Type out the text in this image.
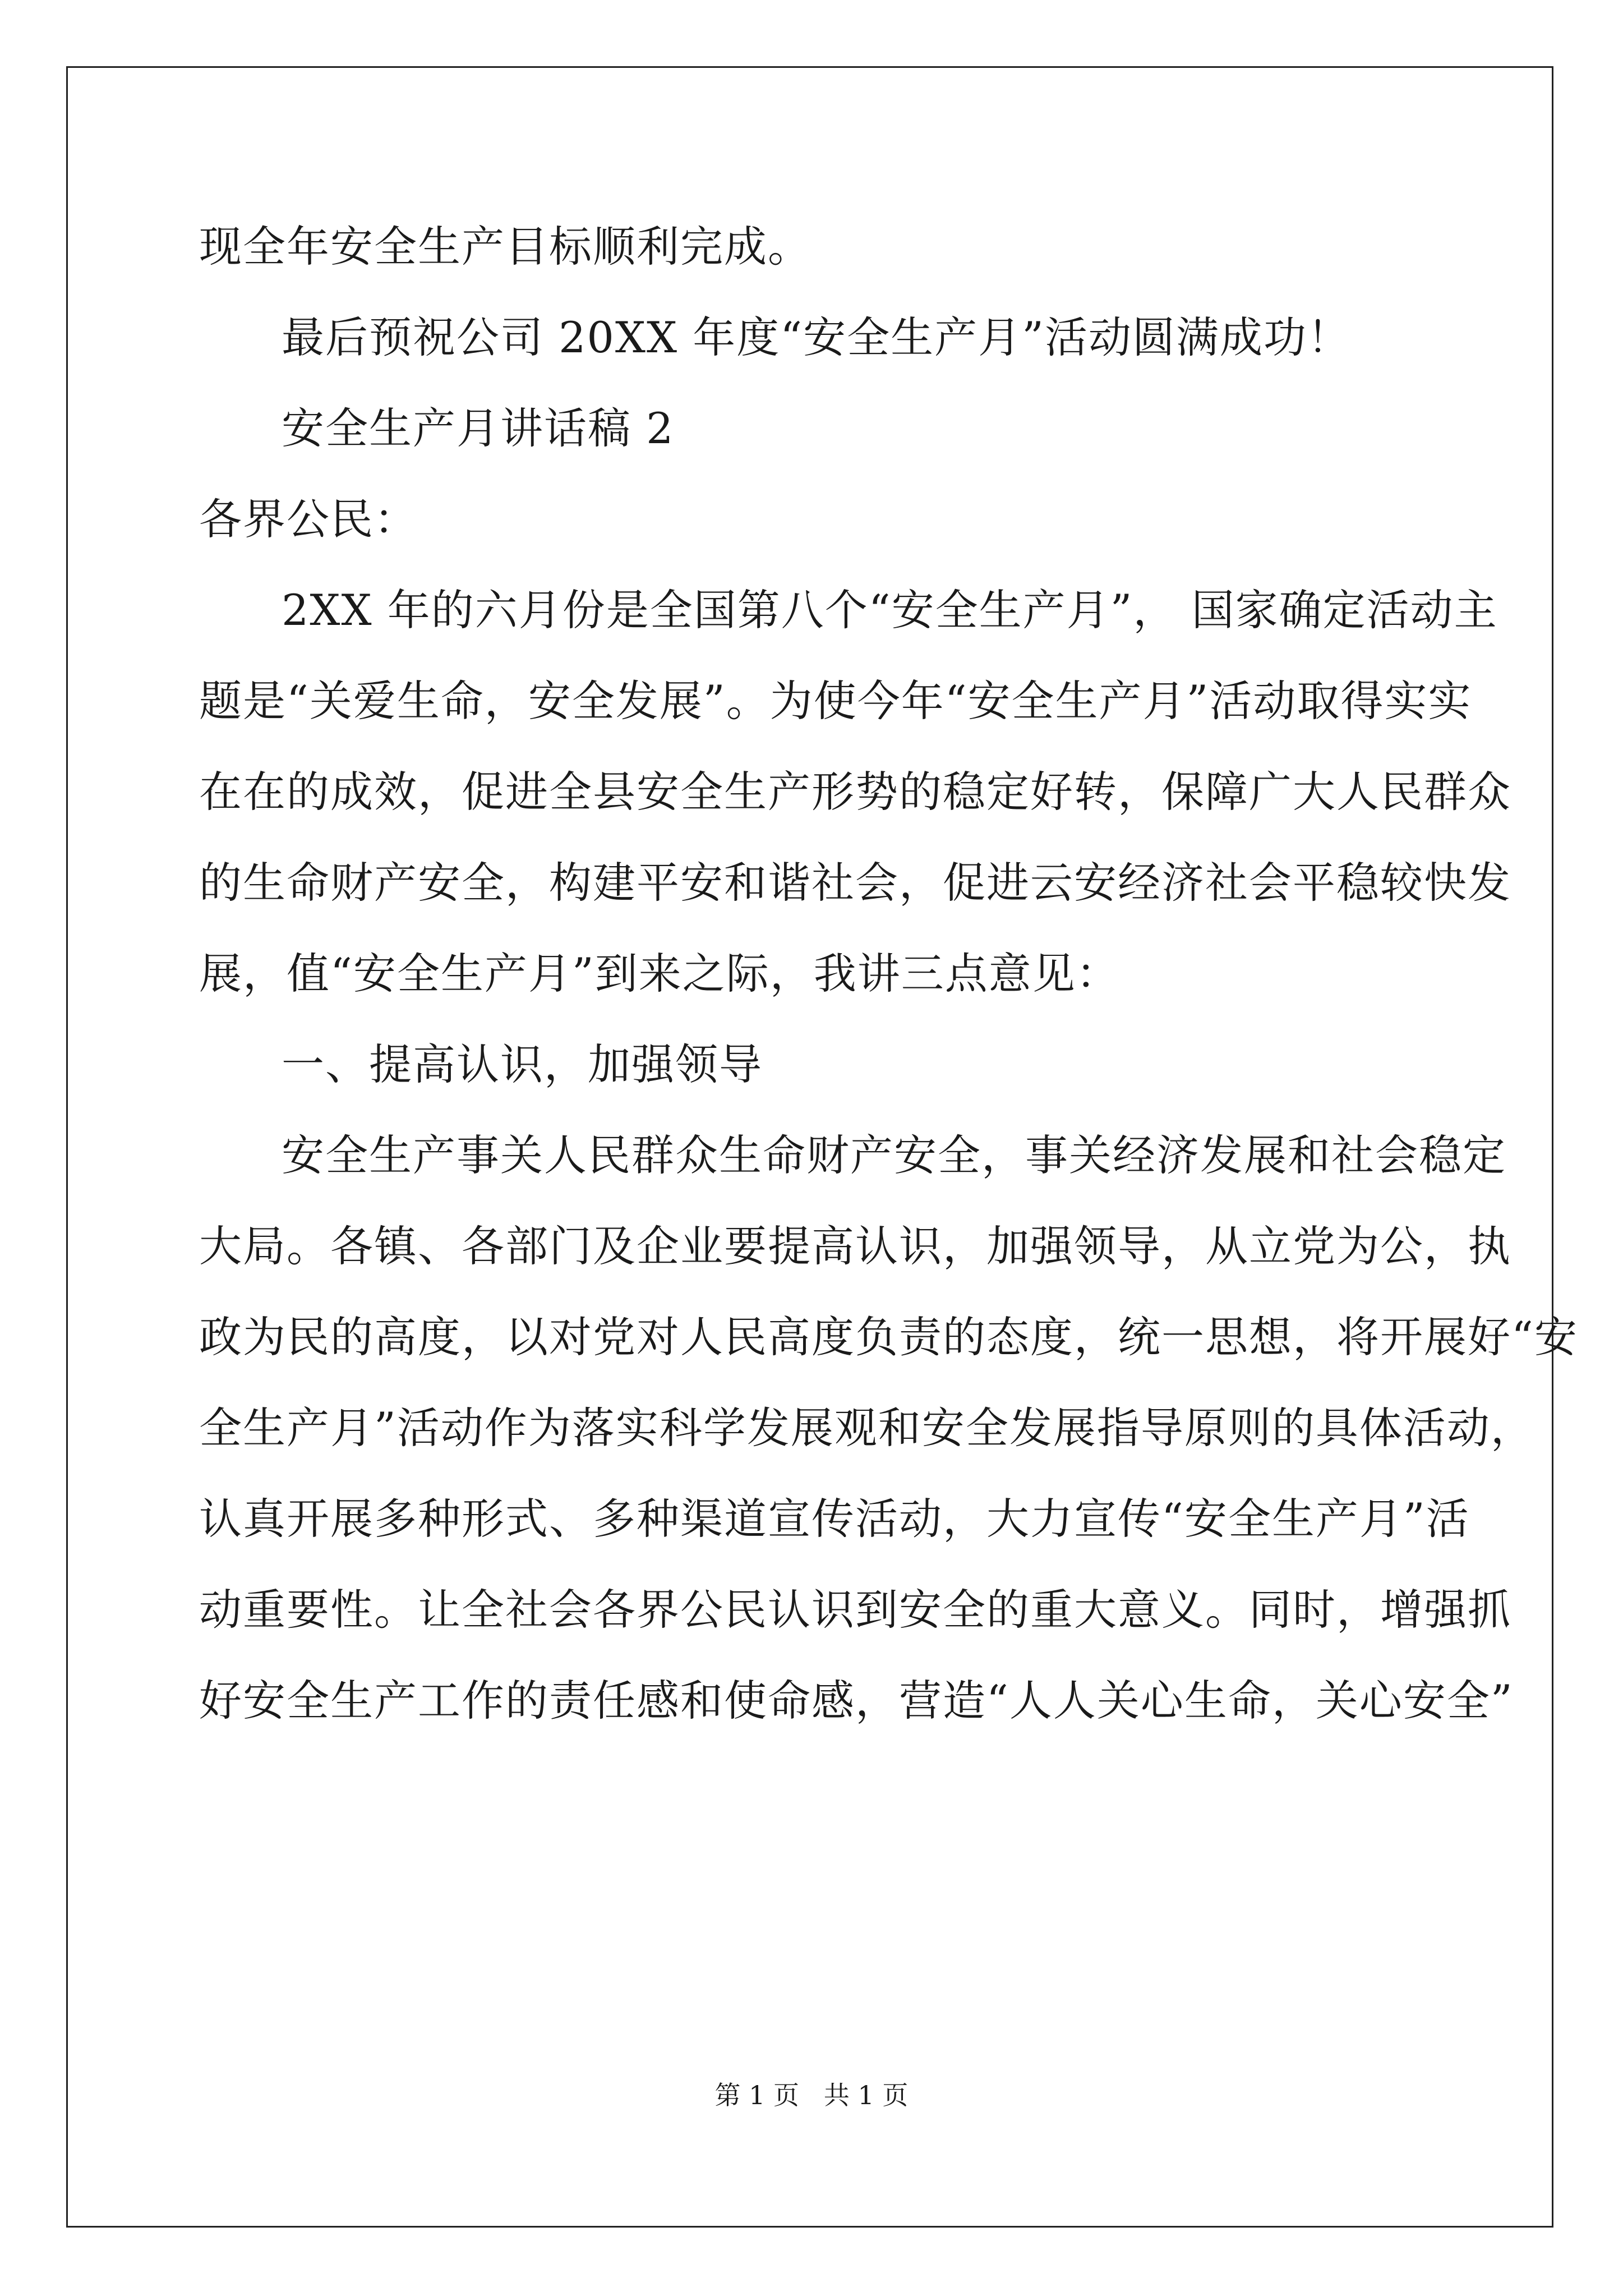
现全年安全生产目标顺利完成。
最后预祝公司 20XX 年度“安全生产月”活动圆满成功！
安全生产月讲话稿 2
各界公民：
2XX 年的六月份是全国第八个“安全生产月”， 国家确定活动主
题是“关爱生命，安全发展”。为使今年“安全生产月”活动取得实实
在在的成效，促进全县安全生产形势的稳定好转，保障广大人民群众
的生命财产安全，构建平安和谐社会，促进云安经济社会平稳较快发
展，值“安全生产月”到来之际，我讲三点意见：
一、提高认识，加强领导
安全生产事关人民群众生命财产安全，事关经济发展和社会稳定
大局。各镇、各部门及企业要提高认识，加强领导，从立党为公，执
政为民的高度，以对党对人民高度负责的态度，统一思想，将开展好“安
全生产月”活动作为落实科学发展观和安全发展指导原则的具体活动，
认真开展多种形式、多种渠道宣传活动，大力宣传“安全生产月”活
动重要性。让全社会各界公民认识到安全的重大意义。同时，增强抓
好安全生产工作的责任感和使命感，营造“人人关心生命，关心安全”
第 1 页   共 1 页
